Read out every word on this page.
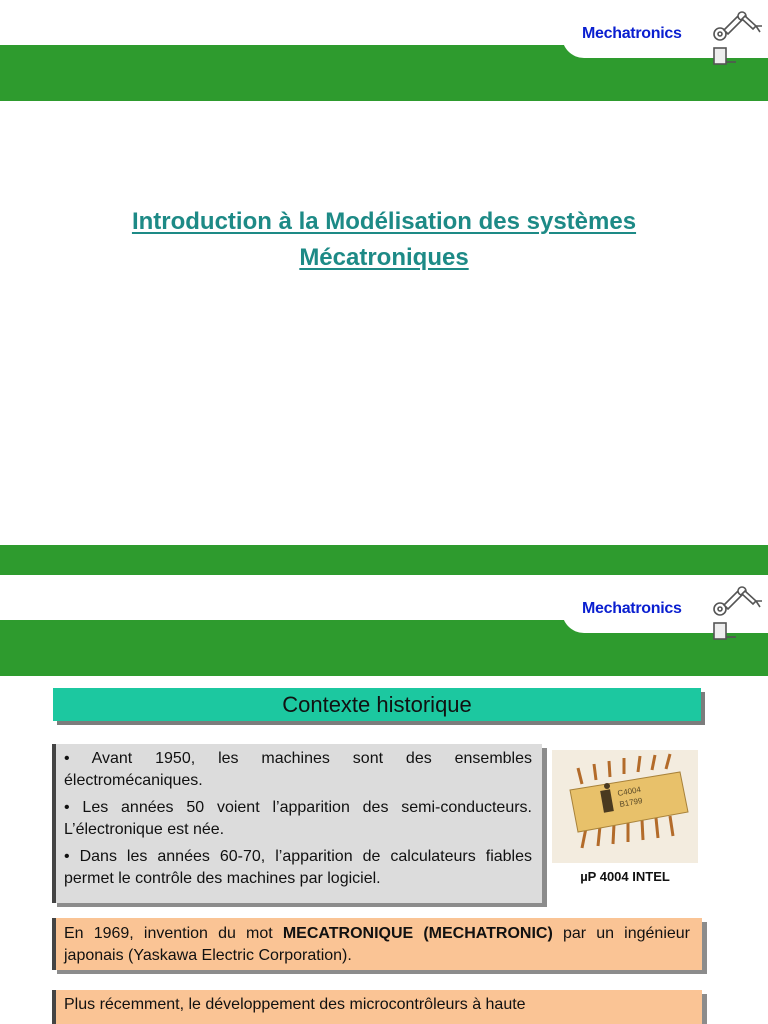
Mechatronics
Introduction à la Modélisation des systèmes
Mécatroniques
Mechatronics
Contexte historique

• Avant 1950, les machines sont des ensembles électromécaniques.

• Les années 50 voient l’apparition des semi-conducteurs. L’électronique est née.

• Dans les années 60-70, l’apparition de calculateurs fiables permet le contrôle des machines par logiciel.

C4004
B1799
µP 4004 INTEL
En 1969, invention du mot MECATRONIQUE (MECHATRONIC) par un ingénieur japonais (Yaskawa Electric Corporation).
Plus récemment, le développement des microcontrôleurs à haute
